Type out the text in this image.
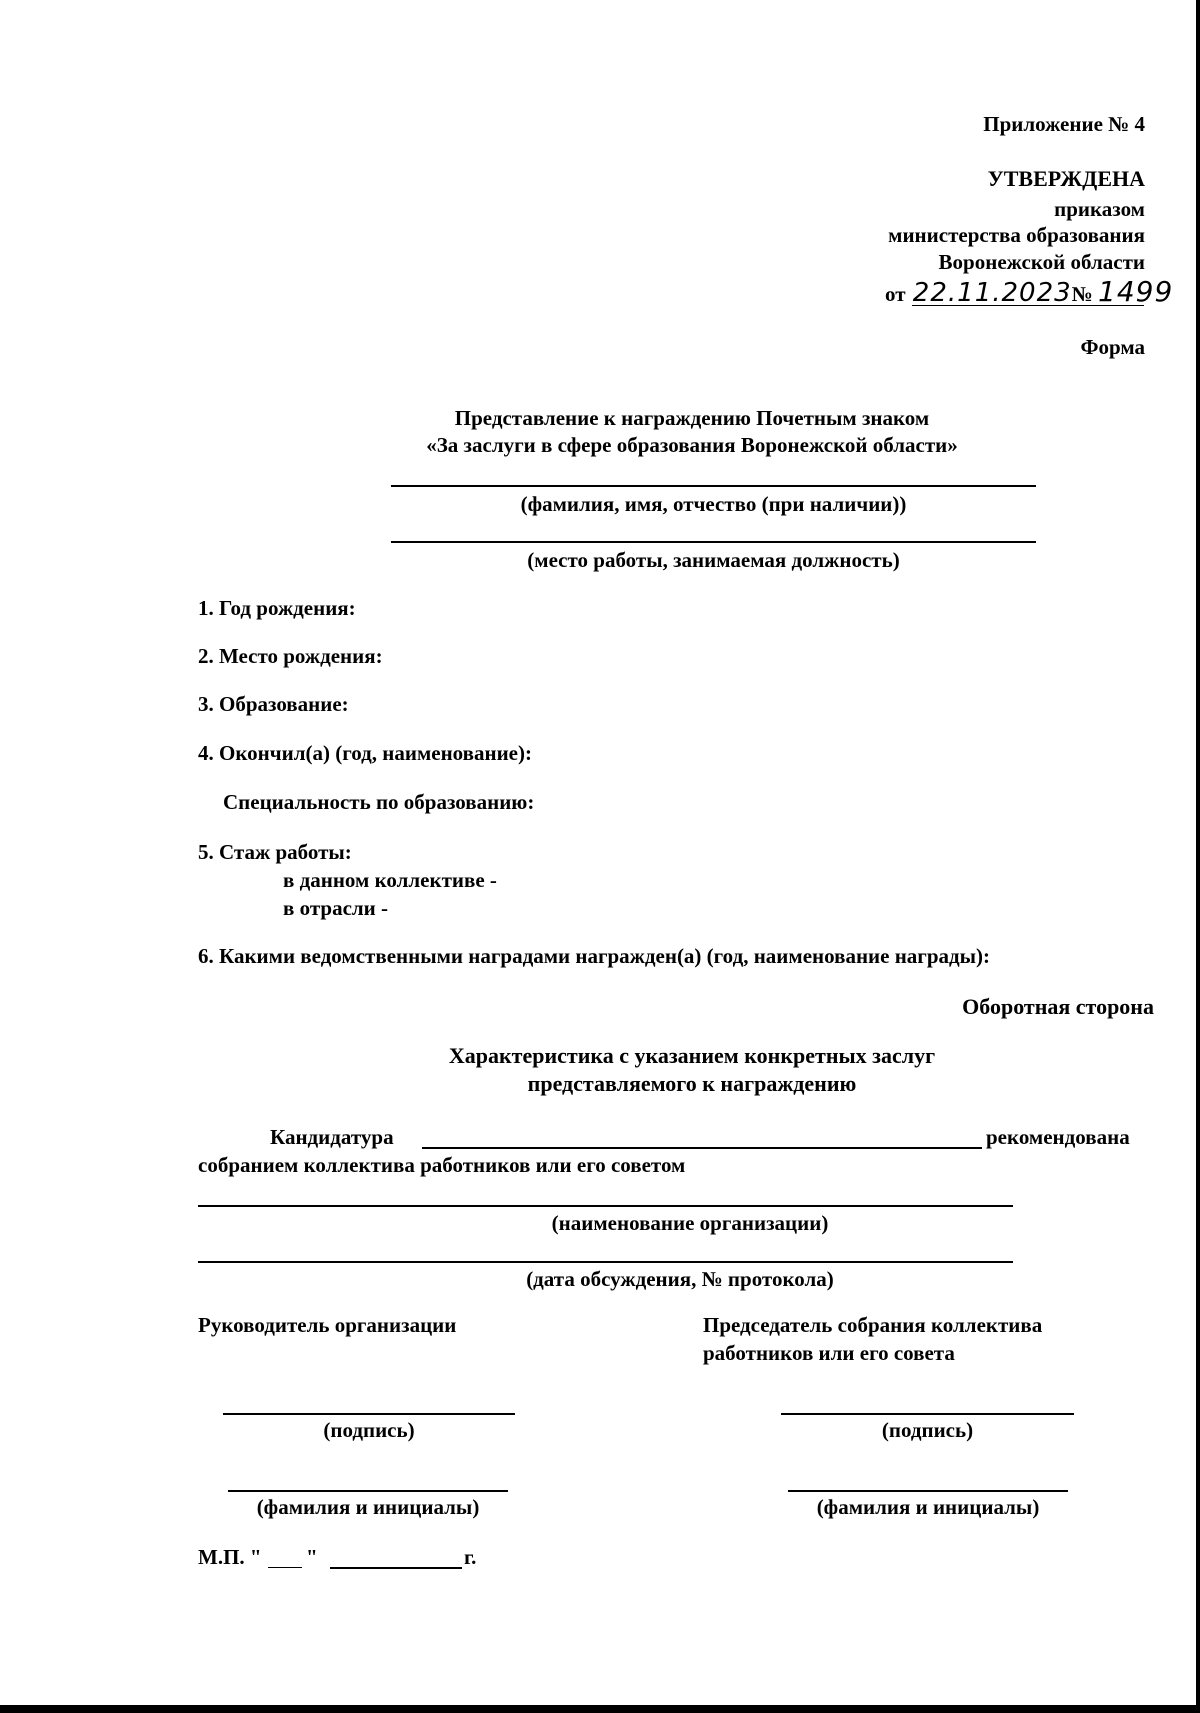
Приложение № 4
УТВЕРЖДЕНА
приказом
министерства образования
Воронежской области
от 22.11.2023№ 1499
Форма
Представление к награждению Почетным знаком
«За заслуги в сфере образования Воронежской области»
(фамилия, имя, отчество (при наличии))
(место работы, занимаемая должность)
1. Год рождения:
2. Место рождения:
3. Образование:
4. Окончил(а) (год, наименование):
Специальность по образованию:
5. Стаж работы:
в данном коллективе -
в отрасли -
6. Какими ведомственными наградами награжден(а) (год, наименование награды):
Оборотная сторона
Характеристика с указанием конкретных заслуг
представляемого к награждению
Кандидатура	рекомендована
собранием коллектива работников или его советом
(наименование организации)
(дата обсуждения, № протокола)
Руководитель организации	Председатель собрания коллектива
работников или его совета
(подпись)	(подпись)
(фамилия и инициалы)	(фамилия и инициалы)
М.П. " "	г.
